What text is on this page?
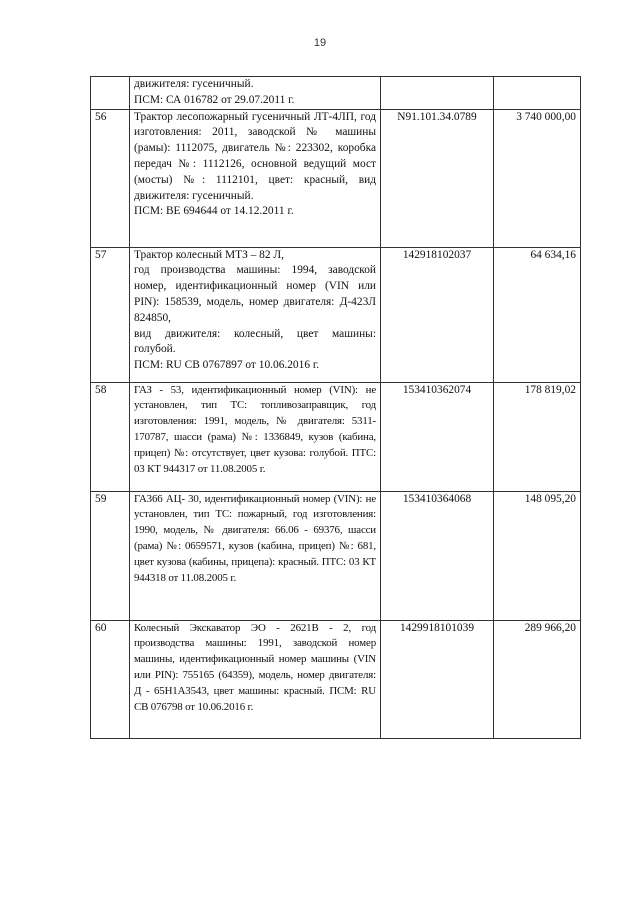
19

	движителя: гусеничный.
ПСМ: СА 016782 от 29.07.2011 г.		

56	Трактор лесопожарный гусеничный ЛТ-4ЛП, год изготовления: 2011, заводской № машины (рамы): 1112075, двигатель №: 223302, коробка передач №: 1112126, основной ведущий мост (мосты) №: 1112101, цвет: красный, вид движителя: гусеничный.
ПСМ: ВЕ 694644 от 14.12.2011 г.	N91.101.34.0789	3 740 000,00
57	Трактор колесный МТЗ – 82 Л,
год производства машины: 1994, заводской номер, идентификационный номер (VIN или PIN): 158539, модель, номер двигателя: Д-423Л 824850,
вид движителя: колесный, цвет машины: голубой.
ПСМ: RU СВ 0767897 от 10.06.2016 г.	142918102037	64 634,16
58	ГАЗ - 53, идентификационный номер (VIN): не установлен, тип ТС: топливозаправщик, год изготовления: 1991, модель, № двигателя: 5311-170787, шасси (рама) №: 1336849, кузов (кабина, прицеп) №: отсутствует, цвет кузова: голубой. ПТС: 03 КТ 944317 от 11.08.2005 г.	153410362074	178 819,02
59	ГА366 АЦ- 30, идентификационный номер (VIN): не установлен, тип ТС: пожарный, год изготовления: 1990, модель, № двигателя: 66.06 - 69376, шасси (рама) №: 0659571, кузов (кабина, прицеп) №: 681, цвет кузова (кабины, прицепа): красный. ПТС: 03 КТ 944318 от 11.08.2005 г.	153410364068	148 095,20
60	Колесный Экскаватор ЭО - 2621В - 2, год производства машины: 1991, заводской номер машины, идентификационный номер машины (VIN или PIN): 755165 (64359), модель, номер двигателя: Д - 65Н1А3543, цвет машины: красный. ПСМ: RU СВ 076798 от 10.06.2016 г.	1429918101039	289 966,20
